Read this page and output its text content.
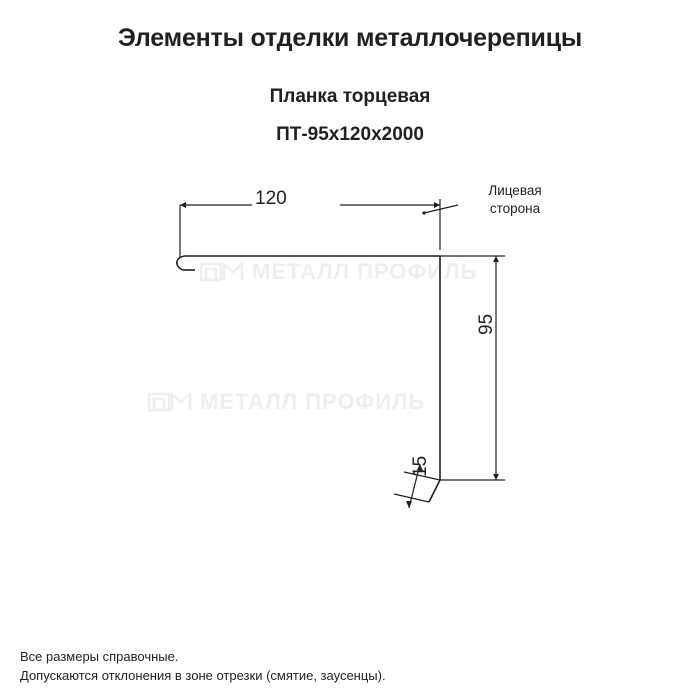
Элементы отделки металлочерепицы
Планка торцевая
ПТ-95х120х2000
МЕТАЛЛ ПРОФИЛЬ
МЕТАЛЛ ПРОФИЛЬ
120
95
15
Лицевая
сторона
Все размеры справочные.
Допускаются отклонения в зоне отрезки (смятие, заусенцы).
